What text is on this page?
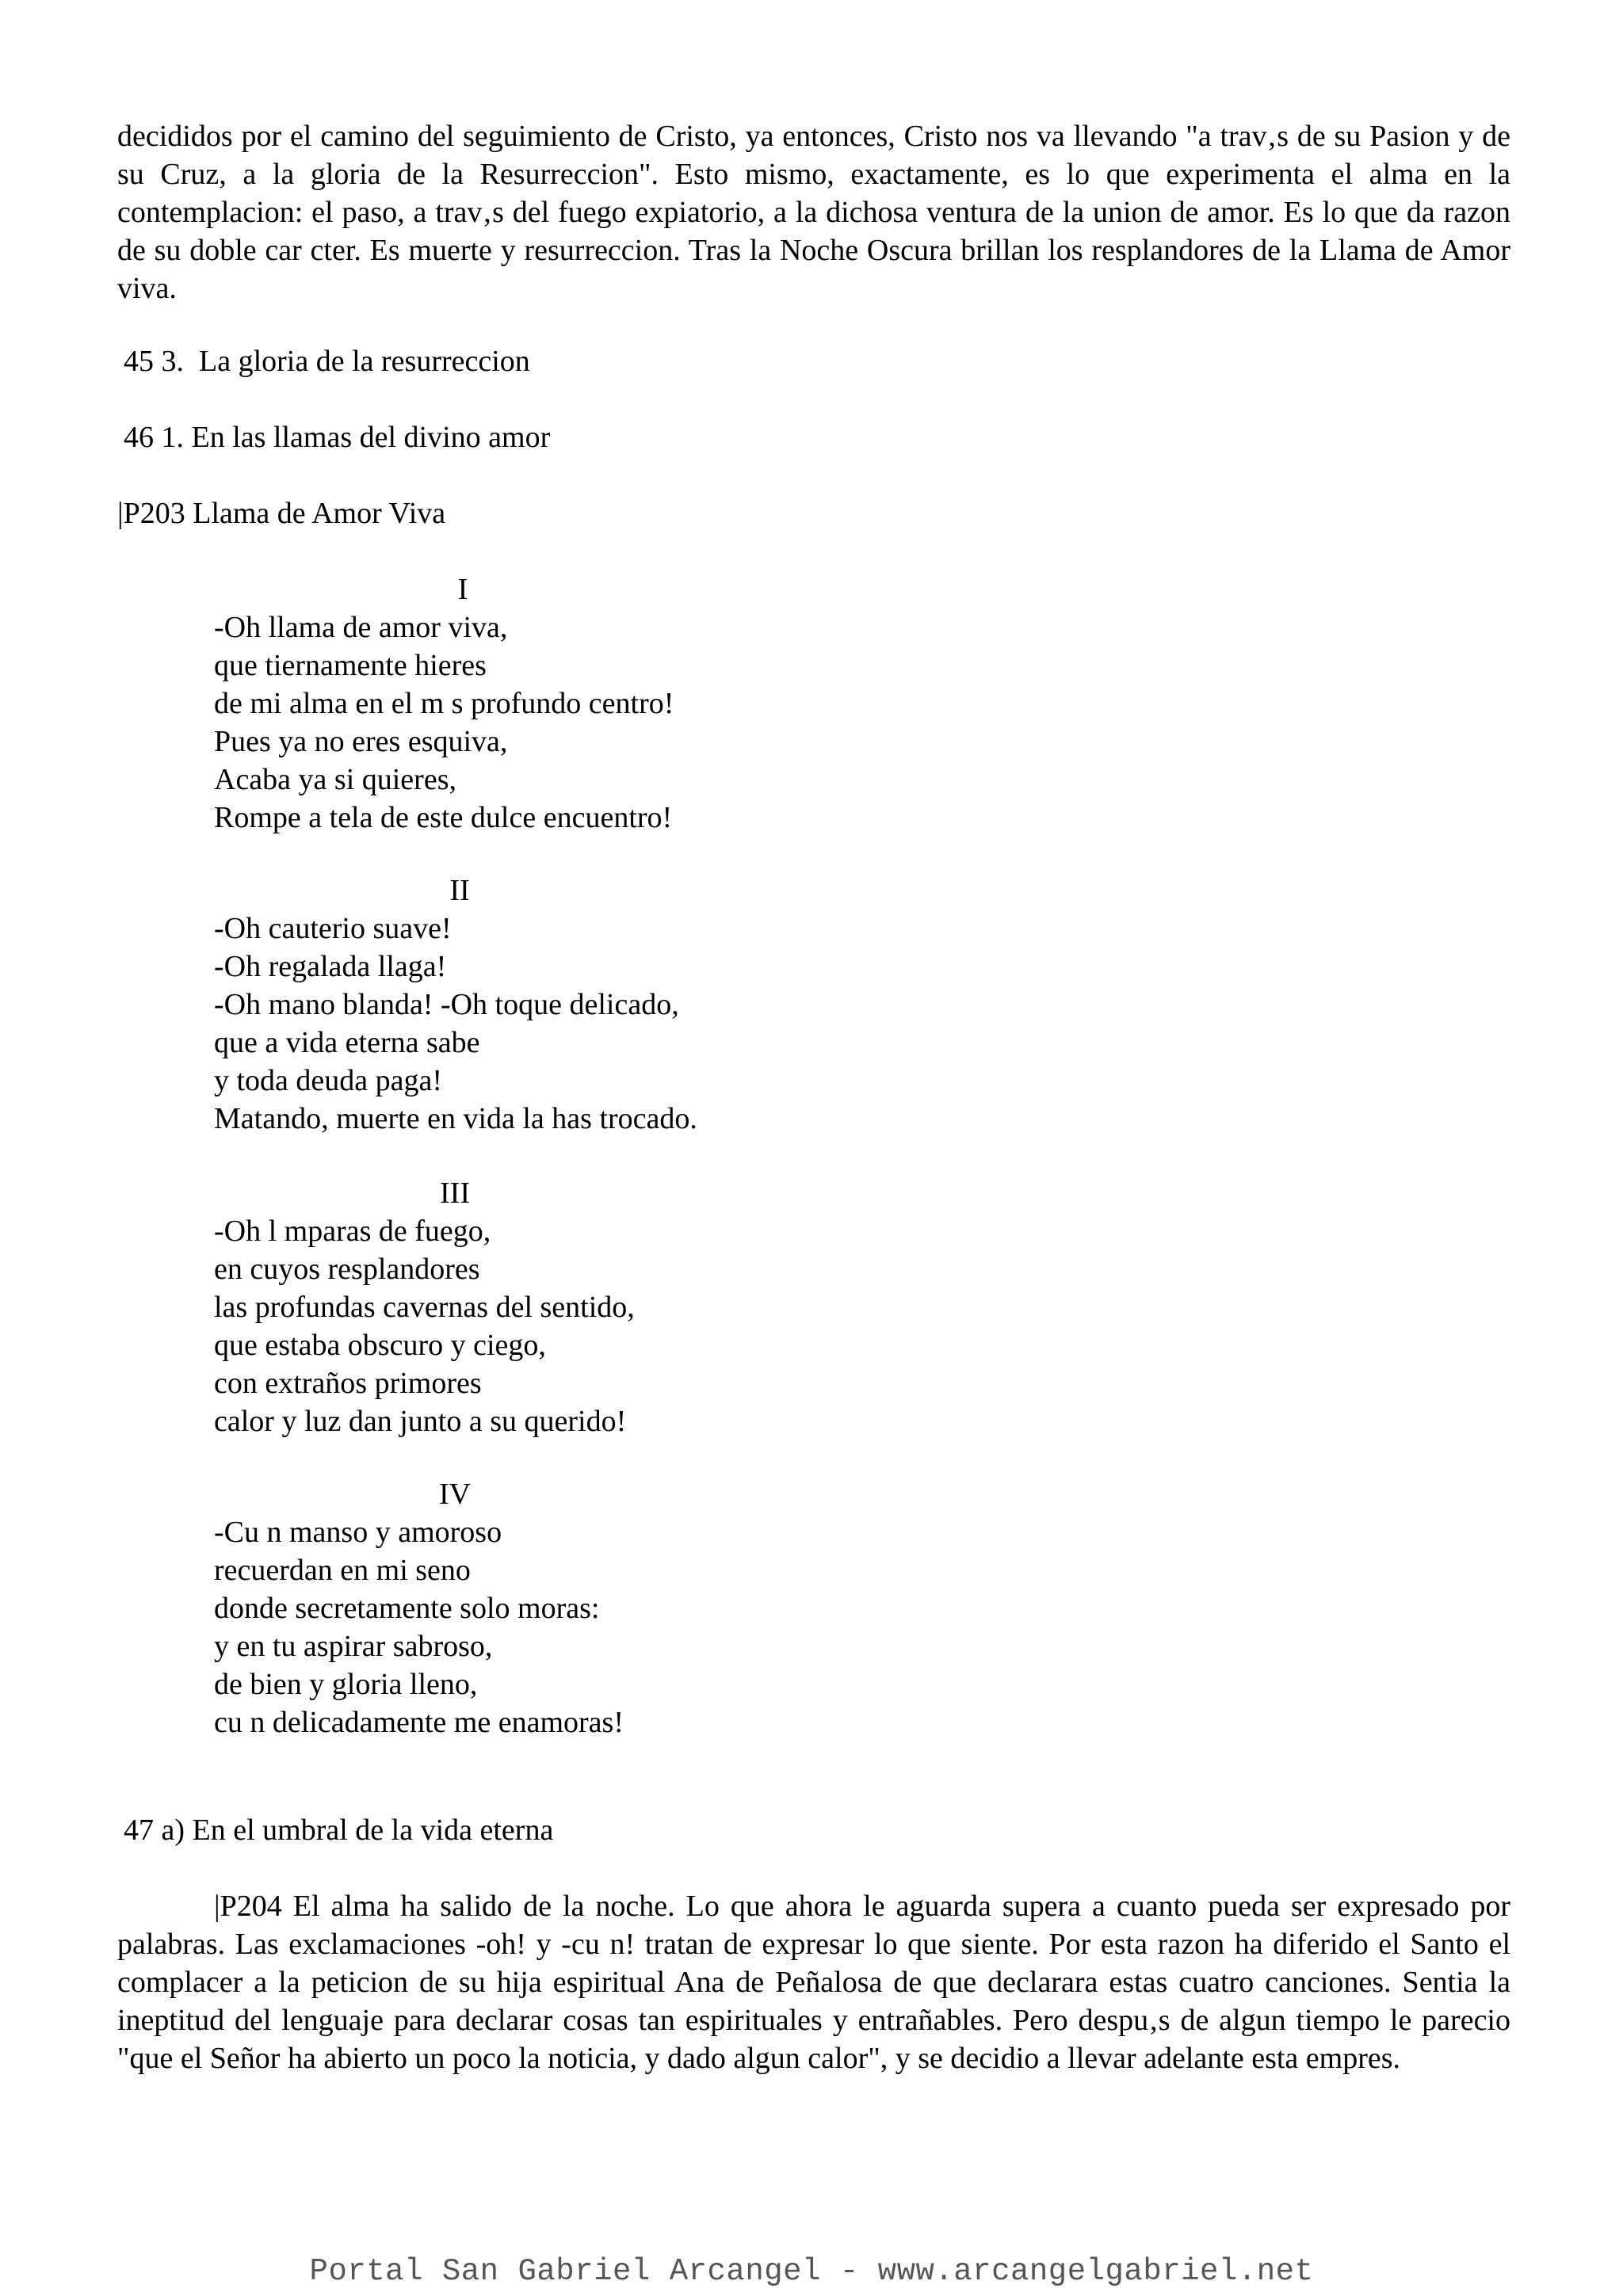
decididos por el camino del seguimiento de Cristo, ya entonces, Cristo nos va llevando "a trav‚s de su Pasion y de su Cruz, a la gloria de la Resurreccion". Esto mismo, exactamente, es lo que experimenta el alma en la contemplacion: el paso, a trav‚s del fuego expiatorio, a la dichosa ventura de la union de amor. Es lo que da razon de su doble car cter. Es muerte y resurreccion. Tras la Noche Oscura brillan los resplandores de la Llama de Amor viva.

45 3.  La gloria de la resurreccion

46 1. En las llamas del divino amor

|P203 Llama de Amor Viva

I

-Oh llama de amor viva,

que tiernamente hieres

de mi alma en el m s profundo centro!

Pues ya no eres esquiva,

Acaba ya si quieres,

Rompe a tela de este dulce encuentro!

II

-Oh cauterio suave!

-Oh regalada llaga!

-Oh mano blanda! -Oh toque delicado,

que a vida eterna sabe

y toda deuda paga!

Matando, muerte en vida la has trocado.

III

-Oh l mparas de fuego,

en cuyos resplandores

las profundas cavernas del sentido,

que estaba obscuro y ciego,

con extraños primores

calor y luz dan junto a su querido!

IV

-Cu n manso y amoroso

recuerdan en mi seno

donde secretamente solo moras:

y en tu aspirar sabroso,

de bien y gloria lleno,

cu n delicadamente me enamoras!

47 a) En el umbral de la vida eterna

|P204 El alma ha salido de la noche. Lo que ahora le aguarda supera a cuanto pueda ser expresado por palabras. Las exclamaciones -oh! y -cu n! tratan de expresar lo que siente. Por esta razon ha diferido el Santo el complacer a la peticion de su hija espiritual Ana de Peñalosa de que declarara estas cuatro canciones. Sentia la ineptitud del lenguaje para declarar cosas tan espirituales y entrañables. Pero despu‚s de algun tiempo le parecio "que el Señor ha abierto un poco la noticia, y dado algun calor", y se decidio a llevar adelante esta empres.

Portal San Gabriel Arcangel - www.arcangelgabriel.net
